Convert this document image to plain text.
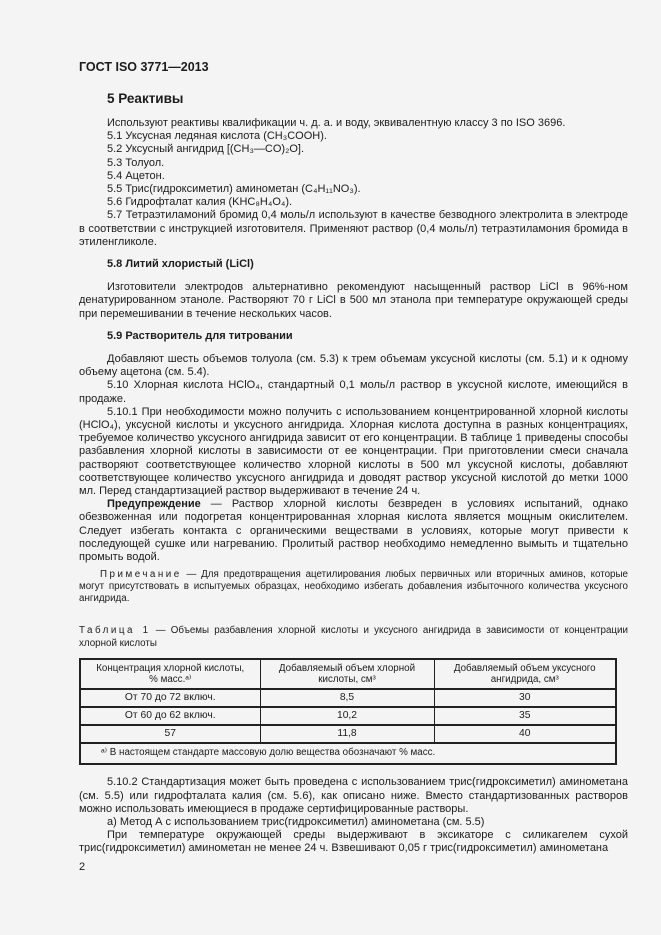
ГОСТ ISO 3771—2013
5 Реактивы

Используют реактивы квалификации ч. д. а. и воду, эквивалентную классу 3 по ISO 3696.

5.1 Уксусная ледяная кислота (CH₃COOH).

5.2 Уксусный ангидрид [(CH₃—CO)₂O].

5.3 Толуол.

5.4 Ацетон.

5.5 Трис(гидроксиметил) аминометан (C₄H₁₁NO₃).

5.6 Гидрофталат калия (KHC₈H₄O₄).

5.7 Тетраэтиламоний бромид 0,4 моль/л используют в качестве безводного электролита в электроде в соответствии с инструкцией изготовителя. Применяют раствор (0,4 моль/л) тетраэтиламония бромида в этиленгликоле.

5.8 Литий хлористый (LiCl)

Изготовители электродов альтернативно рекомендуют насыщенный раствор LiCl в 96%-ном денатурированном этаноле. Растворяют 70 г LiCl в 500 мл этанола при температуре окружающей среды при перемешивании в течение нескольких часов.

5.9 Растворитель для титровании

Добавляют шесть объемов толуола (см. 5.3) к трем объемам уксусной кислоты (см. 5.1) и к одному объему ацетона (см. 5.4).

5.10 Хлорная кислота HClO₄, стандартный 0,1 моль/л раствор в уксусной кислоте, имеющийся в продаже.

5.10.1 При необходимости можно получить с использованием концентрированной хлорной кислоты (HClO₄), уксусной кислоты и уксусного ангидрида. Хлорная кислота доступна в разных концентрациях, требуемое количество уксусного ангидрида зависит от его концентрации. В таблице 1 приведены способы разбавления хлорной кислоты в зависимости от ее концентрации. При приготовлении смеси сначала растворяют соответствующее количество хлорной кислоты в 500 мл уксусной кислоты, добавляют соответствующее количество уксусного ангидрида и доводят раствор уксусной кислотой до метки 1000 мл. Перед стандартизацией раствор выдерживают в течение 24 ч.

Предупреждение — Раствор хлорной кислоты безвреден в условиях испытаний, однако обезвоженная или подогретая концентрированная хлорная кислота является мощным окислителем. Следует избегать контакта с органическими веществами в условиях, которые могут привести к последующей сушке или нагреванию. Пролитый раствор необходимо немедленно вымыть и тщательно промыть водой.

Примечание — Для предотвращения ацетилирования любых первичных или вторичных аминов, которые могут присутствовать в испытуемых образцах, необходимо избегать добавления избыточного количества уксусного ангидрида.

Таблица 1 — Объемы разбавления хлорной кислоты и уксусного ангидрида в зависимости от концентрации хлорной кислоты

Концентрация хлорной кислоты, % масс.ᵃ⁾	Добавляемый объем хлорной кислоты, см³	Добавляемый объем уксусного ангидрида, см³
От 70 до 72 включ.	8,5	30
От 60 до 62 включ.	10,2	35
57	11,8	40
ᵃ⁾ В настоящем стандарте массовую долю вещества обозначают % масс.		

5.10.2 Стандартизация может быть проведена с использованием трис(гидроксиметил) аминометана (см. 5.5) или гидрофталата калия (см. 5.6), как описано ниже. Вместо стандартизованных растворов можно использовать имеющиеся в продаже сертифицированные растворы.

а) Метод А с использованием трис(гидроксиметил) аминометана (см. 5.5)

При температуре окружающей среды выдерживают в эксикаторе с силикагелем сухой трис(гидроксиметил) аминометан не менее 24 ч. Взвешивают 0,05 г трис(гидроксиметил) аминометана

2
